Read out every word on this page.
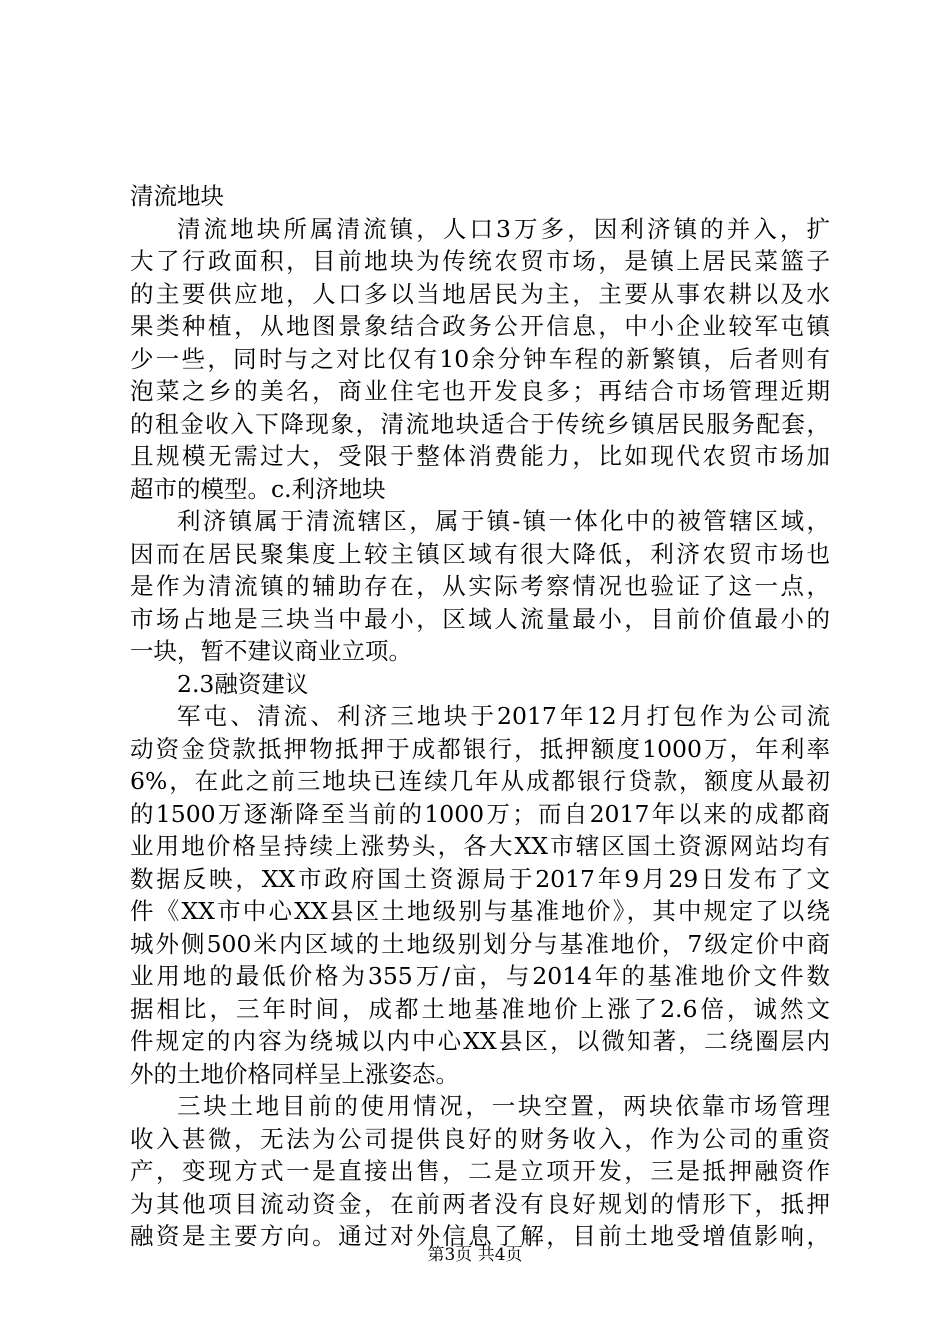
清流地块
清流地块所属清流镇，人口3万多，因利济镇的并入，扩
大了行政面积，目前地块为传统农贸市场，是镇上居民菜篮子
的主要供应地，人口多以当地居民为主，主要从事农耕以及水
果类种植，从地图景象结合政务公开信息，中小企业较军屯镇
少一些，同时与之对比仅有10余分钟车程的新繁镇，后者则有
泡菜之乡的美名，商业住宅也开发良多；再结合市场管理近期
的租金收入下降现象，清流地块适合于传统乡镇居民服务配套，
且规模无需过大，受限于整体消费能力，比如现代农贸市场加
超市的模型。c.利济地块
利济镇属于清流辖区，属于镇-镇一体化中的被管辖区域，
因而在居民聚集度上较主镇区域有很大降低，利济农贸市场也
是作为清流镇的辅助存在，从实际考察情况也验证了这一点，
市场占地是三块当中最小，区域人流量最小，目前价值最小的
一块，暂不建议商业立项。
2.3融资建议
军屯、清流、利济三地块于2017年12月打包作为公司流
动资金贷款抵押物抵押于成都银行，抵押额度1000万，年利率
6%，在此之前三地块已连续几年从成都银行贷款，额度从最初
的1500万逐渐降至当前的1000万；而自2017年以来的成都商
业用地价格呈持续上涨势头，各大XX市辖区国土资源网站均有
数据反映，XX市政府国土资源局于2017年9月29日发布了文
件《XX市中心XX县区土地级别与基准地价》，其中规定了以绕
城外侧500米内区域的土地级别划分与基准地价，7级定价中商
业用地的最低价格为355万/亩，与2014年的基准地价文件数
据相比，三年时间，成都土地基准地价上涨了2.6倍，诚然文
件规定的内容为绕城以内中心XX县区，以微知著，二绕圈层内
外的土地价格同样呈上涨姿态。
三块土地目前的使用情况，一块空置，两块依靠市场管理
收入甚微，无法为公司提供良好的财务收入，作为公司的重资
产，变现方式一是直接出售，二是立项开发，三是抵押融资作
为其他项目流动资金，在前两者没有良好规划的情形下，抵押
融资是主要方向。通过对外信息了解，目前土地受增值影响，
第3页 共4页
